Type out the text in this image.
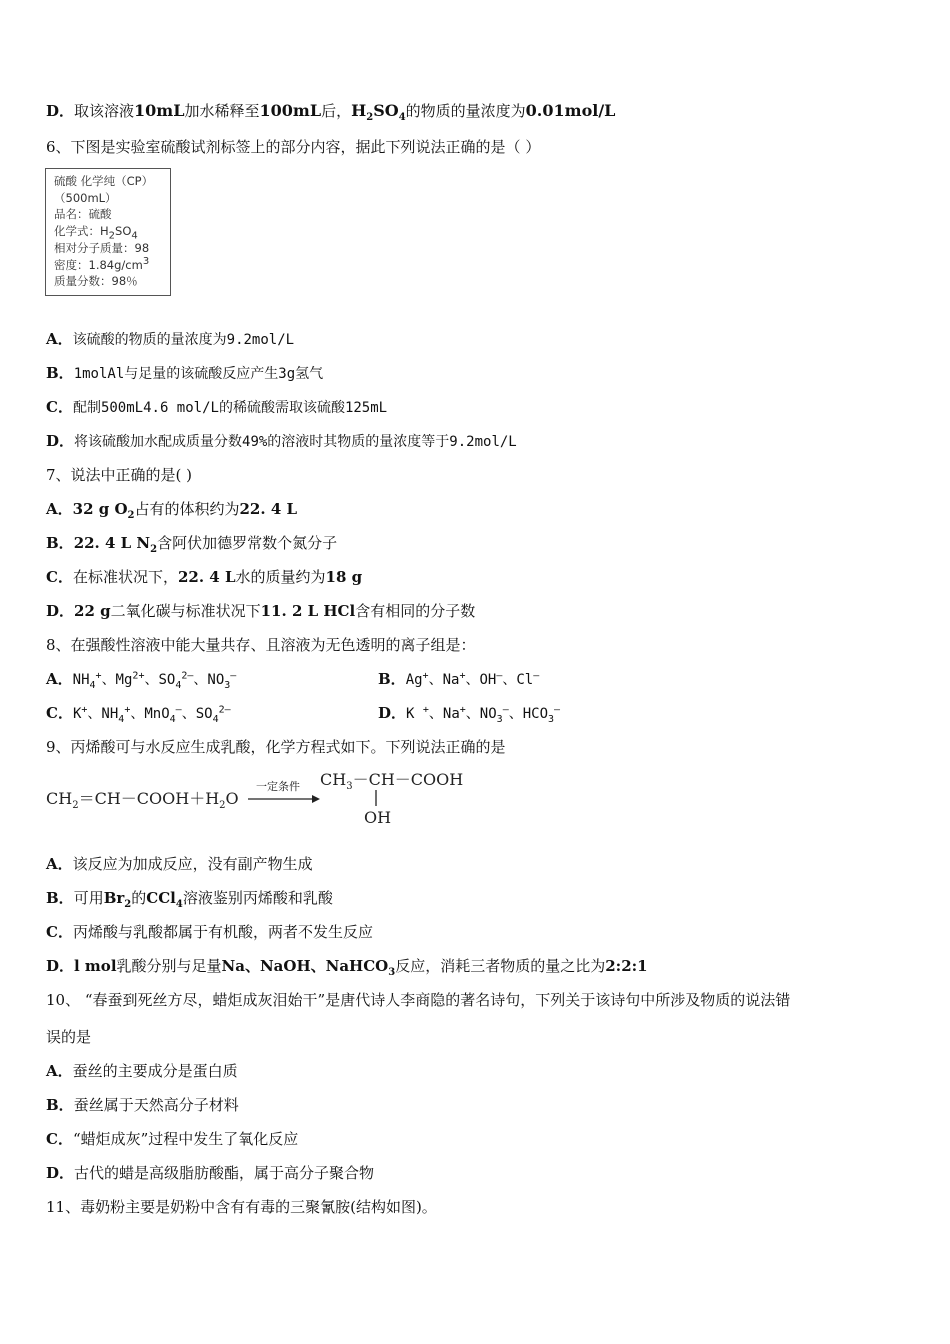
D．取该溶液10mL加水稀释至100mL后，$H_2SO_4$的物质的量浓度为0.01mol/L
6、下图是实验室硫酸试剂标签上的部分内容，据此下列说法正确的是（ ）
硫酸 化学纯（CP）
（500mL）
品名：硫酸
化学式：$H_2SO_4$
相对分子质量：98
密度：$1.84g/cm^3$
质量分数：98％
A．该硫酸的物质的量浓度为9.2mol/L
B．1molAl与足量的该硫酸反应产生3g氢气
C．配制500mL4.6 mol/L的稀硫酸需取该硫酸125mL
D．将该硫酸加水配成质量分数49%的溶液时其物质的量浓度等于9.2mol/L
7、说法中正确的是( )
A．32 g $O_2$占有的体积约为22. 4 L
B．22. 4 L $N_2$含阿伏加德罗常数个氮分子
C．在标准状况下，22. 4 L水的质量约为18 g
D．22 g二氧化碳与标准状况下11. 2 L HCl含有相同的分子数
8、在强酸性溶液中能大量共存、且溶液为无色透明的离子组是：
A．$NH_4^+$、$Mg^{2+}$、$SO_4^{2—}$、$NO_3^—$	B．Ag+、Na+、OH—、Cl—
C．K+、$NH_4^+$、MnO$_4$—、$SO_4^{2—}$	D．K +、Na+、$NO_3^—$、$HCO_3^—$
9、丙烯酸可与水反应生成乳酸，化学方程式如下。下列说法正确的是
$CH_2=CH-COOH+H_2O$
一定条件 $CH_3-CH-COOH$
OH
A．该反应为加成反应，没有副产物生成
B．可用$Br_2$的CCl$_4$溶液鉴别丙烯酸和乳酸
C．丙烯酸与乳酸都属于有机酸，两者不发生反应
D．l mol乳酸分别与足量Na、NaOH、NaHCO$_3$反应，消耗三者物质的量之比为2:2:1
10、 “春蚕到死丝方尽，蜡炬成灰泪始干”是唐代诗人李商隐的著名诗句，下列关于该诗句中所涉及物质的说法错
误的是
A．蚕丝的主要成分是蛋白质
B．蚕丝属于天然高分子材料
C．“蜡炬成灰”过程中发生了氧化反应
D．古代的蜡是高级脂肪酸酯，属于高分子聚合物
11、毒奶粉主要是奶粉中含有有毒的三聚氰胺(结构如图)。
